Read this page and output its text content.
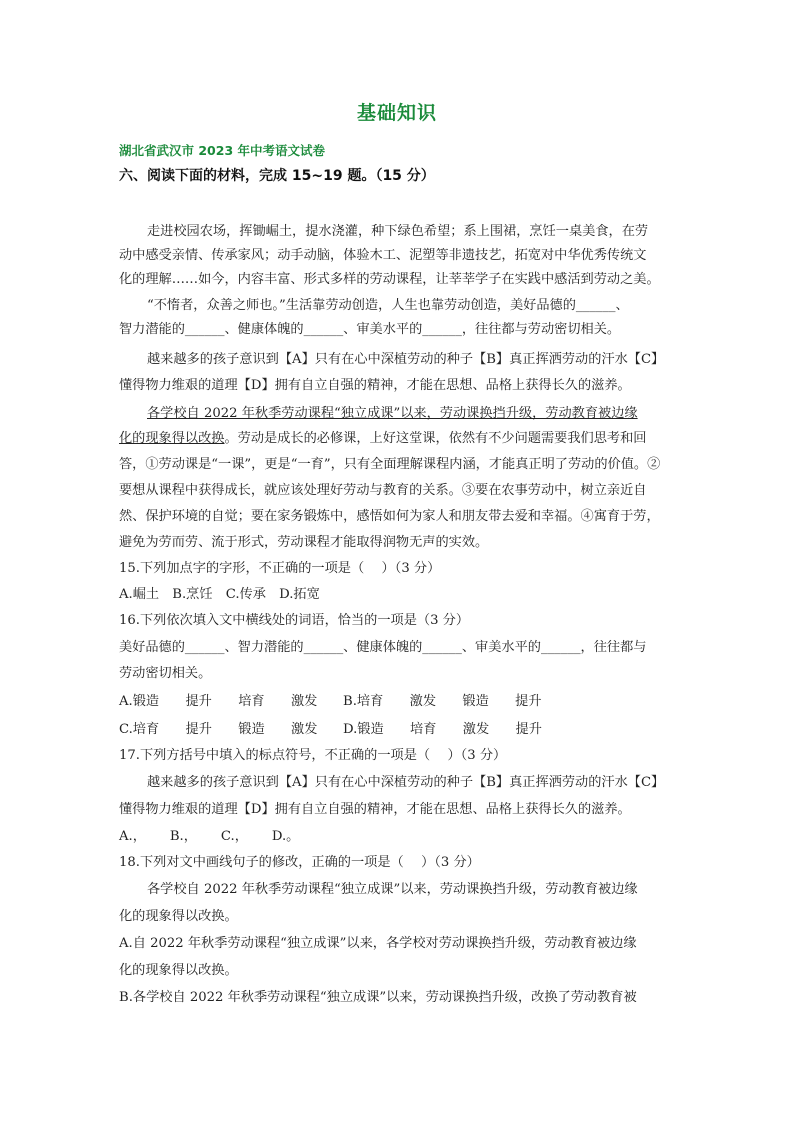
基础知识
湖北省武汉市 2023 年中考语文试卷
六、阅读下面的材料，完成 15~19 题。（15 分）
走进校园农场，挥锄崛土，提水浇灌，种下绿色希望；系上围裙，烹饪一桌美食，在劳
动中感受亲情、传承家风；动手动脑，体验木工、泥塑等非遗技艺，拓宽对中华优秀传统文
化的理解……如今，内容丰富、形式多样的劳动课程，让莘莘学子在实践中感活到劳动之美。
“不惰者，众善之师也。”生活靠劳动创造，人生也靠劳动创造，美好品德的______、
智力潜能的______、健康体魄的______、审美水平的______，往往都与劳动密切相关。
越来越多的孩子意识到【A】只有在心中深植劳动的种子【B】真正挥洒劳动的汗水【C】
懂得物力维艰的道理【D】拥有自立自强的精神，才能在思想、品格上获得长久的滋养。
各学校自 2022 年秋季劳动课程“独立成课”以来，劳动课换挡升级，劳动教育被边缘
化的现象得以改换。劳动是成长的必修课，上好这堂课，依然有不少问题需要我们思考和回
答，①劳动课是“一课”，更是“一育”，只有全面理解课程内涵，才能真正明了劳动的价值。②
要想从课程中获得成长，就应该处理好劳动与教育的关系。③要在农事劳动中，树立亲近自
然、保护环境的自觉；要在家务锻炼中，感悟如何为家人和朋友带去爱和幸福。④寓育于劳，
避免为劳而劳、流于形式，劳动课程才能取得润物无声的实效。
15.下列加点字的字形，不正确的一项是（　 ）（3 分）
A.崛土　B.烹饪　C.传承　D.拓宽
16.下列依次填入文中横线处的词语，恰当的一项是（3 分）
美好品德的______、智力潜能的______、健康体魄的______、审美水平的______，往往都与
劳动密切相关。
A.锻造　　提升　　培育　　激发 B.培育　　激发　　锻造　　提升
C.培育　　提升　　锻造　　激发 D.锻造　　培育　　激发　　提升
17.下列方括号中填入的标点符号，不正确的一项是（　 ）（3 分）
越来越多的孩子意识到【A】只有在心中深植劳动的种子【B】真正挥洒劳动的汗水【C】
懂得物力维艰的道理【D】拥有自立自强的精神，才能在思想、品格上获得长久的滋养。
A.，　　 B.，　　 C.，　　 D.。
18.下列对文中画线句子的修改，正确的一项是（　 ）（3 分）
各学校自 2022 年秋季劳动课程“独立成课”以来，劳动课换挡升级，劳动教育被边缘
化的现象得以改换。
A.自 2022 年秋季劳动课程“独立成课”以来，各学校对劳动课换挡升级，劳动教育被边缘
化的现象得以改换。
B.各学校自 2022 年秋季劳动课程“独立成课”以来，劳动课换挡升级，改换了劳动教育被
